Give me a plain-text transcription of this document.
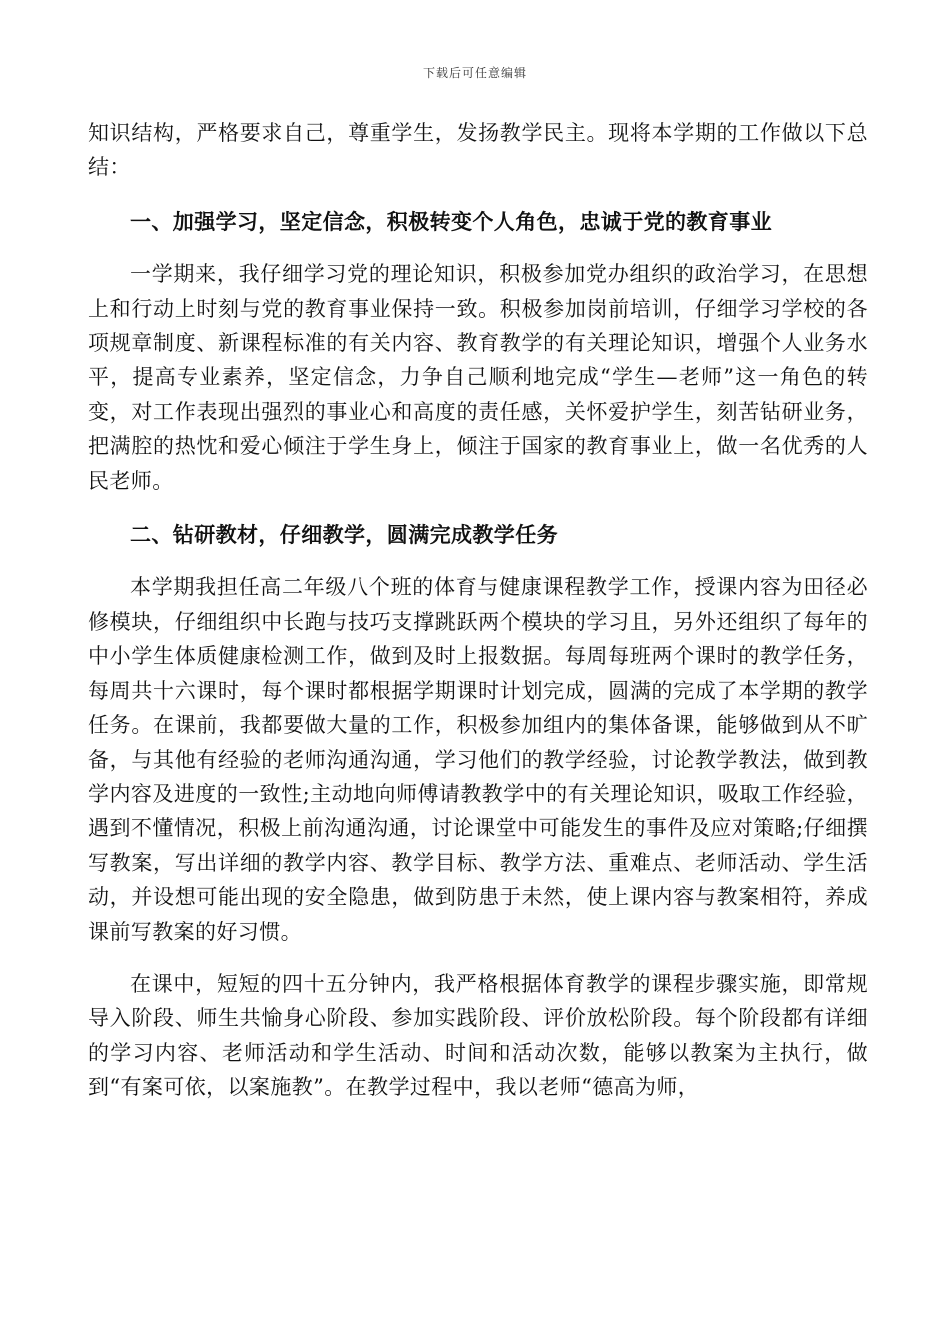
下载后可任意编辑

知识结构，严格要求自己，尊重学生，发扬教学民主。现将本学期的工作做以下总结：

一、加强学习，坚定信念，积极转变个人角色，忠诚于党的教育事业

一学期来，我仔细学习党的理论知识，积极参加党办组织的政治学习，在思想上和行动上时刻与党的教育事业保持一致。积极参加岗前培训，仔细学习学校的各项规章制度、新课程标准的有关内容、教育教学的有关理论知识，增强个人业务水平，提高专业素养，坚定信念，力争自己顺利地完成“学生—老师”这一角色的转变，对工作表现出强烈的事业心和高度的责任感，关怀爱护学生，刻苦钻研业务，把满腔的热忱和爱心倾注于学生身上，倾注于国家的教育事业上，做一名优秀的人民老师。

二、钻研教材，仔细教学，圆满完成教学任务

本学期我担任高二年级八个班的体育与健康课程教学工作，授课内容为田径必修模块，仔细组织中长跑与技巧支撑跳跃两个模块的学习且，另外还组织了每年的中小学生体质健康检测工作，做到及时上报数据。每周每班两个课时的教学任务，每周共十六课时，每个课时都根据学期课时计划完成，圆满的完成了本学期的教学任务。在课前，我都要做大量的工作，积极参加组内的集体备课，能够做到从不旷备，与其他有经验的老师沟通沟通，学习他们的教学经验，讨论教学教法，做到教学内容及进度的一致性;主动地向师傅请教教学中的有关理论知识，吸取工作经验，遇到不懂情况，积极上前沟通沟通，讨论课堂中可能发生的事件及应对策略;仔细撰写教案，写出详细的教学内容、教学目标、教学方法、重难点、老师活动、学生活动，并设想可能出现的安全隐患，做到防患于未然，使上课内容与教案相符，养成课前写教案的好习惯。

在课中，短短的四十五分钟内，我严格根据体育教学的课程步骤实施，即常规导入阶段、师生共愉身心阶段、参加实践阶段、评价放松阶段。每个阶段都有详细的学习内容、老师活动和学生活动、时间和活动次数，能够以教案为主执行，做到“有案可依，以案施教”。在教学过程中，我以老师“德高为师，
